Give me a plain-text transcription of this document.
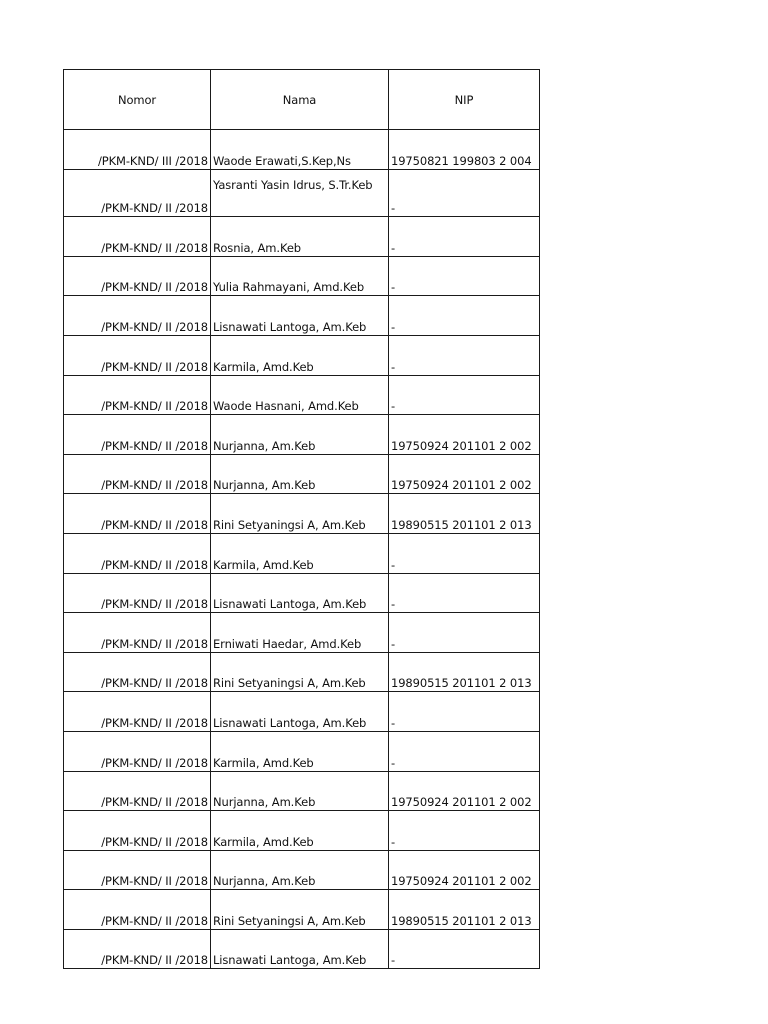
Nomor	Nama	NIP
/PKM-KND/ III /2018	Waode Erawati,S.Kep,Ns	19750821 199803 2 004
/PKM-KND/ II /2018	Yasranti Yasin Idrus, S.Tr.Keb	-
/PKM-KND/ II /2018	Rosnia, Am.Keb	-
/PKM-KND/ II /2018	Yulia Rahmayani, Amd.Keb	-
/PKM-KND/ II /2018	Lisnawati Lantoga, Am.Keb	-
/PKM-KND/ II /2018	Karmila, Amd.Keb	-
/PKM-KND/ II /2018	Waode Hasnani, Amd.Keb	-
/PKM-KND/ II /2018	Nurjanna, Am.Keb	19750924 201101 2 002
/PKM-KND/ II /2018	Nurjanna, Am.Keb	19750924 201101 2 002
/PKM-KND/ II /2018	Rini Setyaningsi A, Am.Keb	19890515 201101 2 013
/PKM-KND/ II /2018	Karmila, Amd.Keb	-
/PKM-KND/ II /2018	Lisnawati Lantoga, Am.Keb	-
/PKM-KND/ II /2018	Erniwati Haedar, Amd.Keb	-
/PKM-KND/ II /2018	Rini Setyaningsi A, Am.Keb	19890515 201101 2 013
/PKM-KND/ II /2018	Lisnawati Lantoga, Am.Keb	-
/PKM-KND/ II /2018	Karmila, Amd.Keb	-
/PKM-KND/ II /2018	Nurjanna, Am.Keb	19750924 201101 2 002
/PKM-KND/ II /2018	Karmila, Amd.Keb	-
/PKM-KND/ II /2018	Nurjanna, Am.Keb	19750924 201101 2 002
/PKM-KND/ II /2018	Rini Setyaningsi A, Am.Keb	19890515 201101 2 013
/PKM-KND/ II /2018	Lisnawati Lantoga, Am.Keb	-
